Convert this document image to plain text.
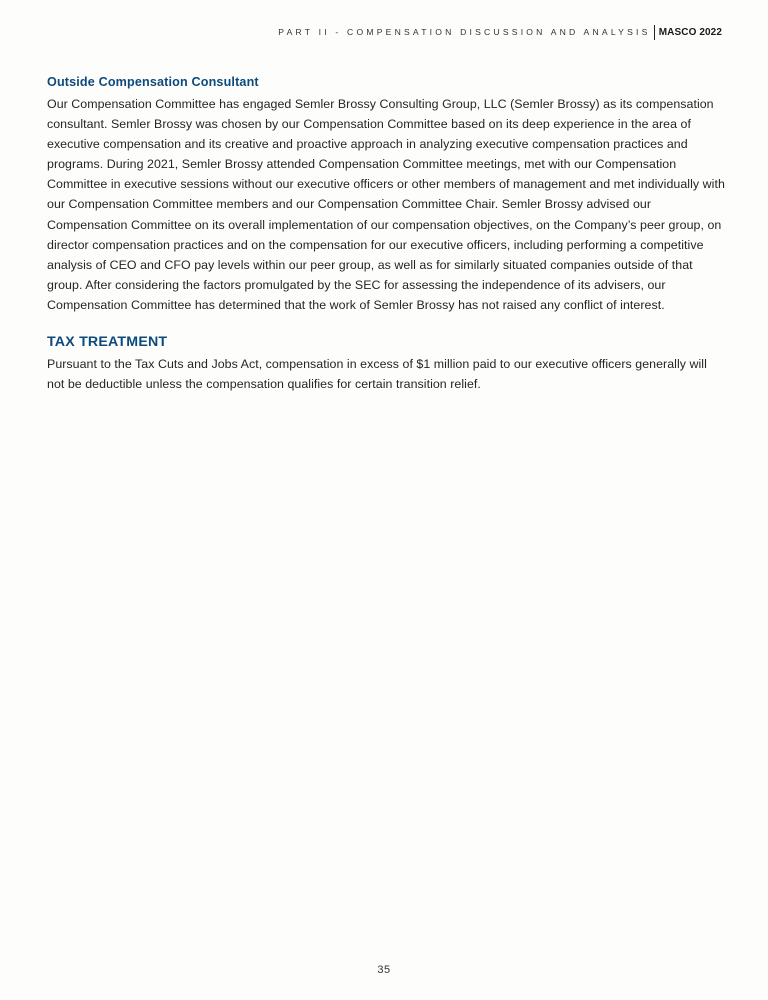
PART II - COMPENSATION DISCUSSION AND ANALYSIS MASCO 2022
Outside Compensation Consultant

Our Compensation Committee has engaged Semler Brossy Consulting Group, LLC (Semler Brossy) as its compensation consultant. Semler Brossy was chosen by our Compensation Committee based on its deep experience in the area of executive compensation and its creative and proactive approach in analyzing executive compensation practices and programs. During 2021, Semler Brossy attended Compensation Committee meetings, met with our Compensation Committee in executive sessions without our executive officers or other members of management and met individually with our Compensation Committee members and our Compensation Committee Chair. Semler Brossy advised our Compensation Committee on its overall implementation of our compensation objectives, on the Company’s peer group, on director compensation practices and on the compensation for our executive officers, including performing a competitive analysis of CEO and CFO pay levels within our peer group, as well as for similarly situated companies outside of that group. After considering the factors promulgated by the SEC for assessing the independence of its advisers, our Compensation Committee has determined that the work of Semler Brossy has not raised any conflict of interest.

TAX TREATMENT

Pursuant to the Tax Cuts and Jobs Act, compensation in excess of $1 million paid to our executive officers generally will not be deductible unless the compensation qualifies for certain transition relief.

35
